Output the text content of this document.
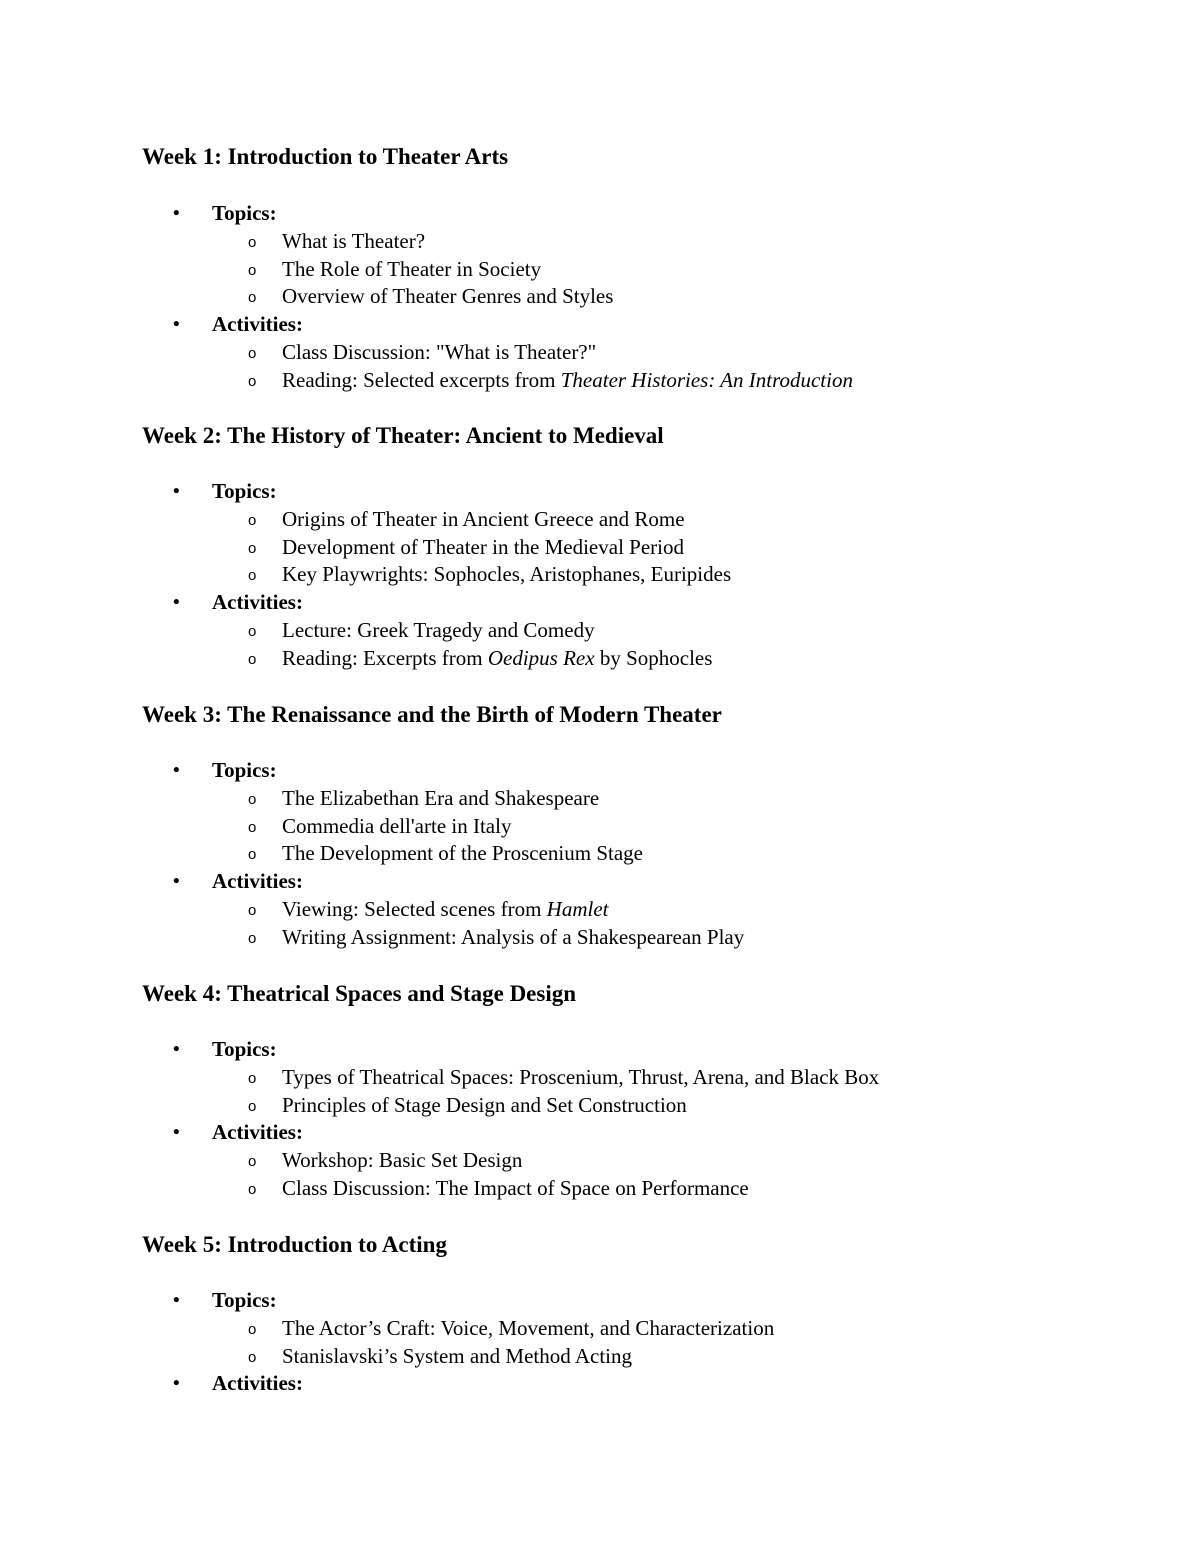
Week 1: Introduction to Theater Arts
• Topics:
o What is Theater?
o The Role of Theater in Society
o Overview of Theater Genres and Styles
• Activities:
o Class Discussion: "What is Theater?"
o Reading: Selected excerpts from Theater Histories: An Introduction
Week 2: The History of Theater: Ancient to Medieval
• Topics:
o Origins of Theater in Ancient Greece and Rome
o Development of Theater in the Medieval Period
o Key Playwrights: Sophocles, Aristophanes, Euripides
• Activities:
o Lecture: Greek Tragedy and Comedy
o Reading: Excerpts from Oedipus Rex by Sophocles
Week 3: The Renaissance and the Birth of Modern Theater
• Topics:
o The Elizabethan Era and Shakespeare
o Commedia dell'arte in Italy
o The Development of the Proscenium Stage
• Activities:
o Viewing: Selected scenes from Hamlet
o Writing Assignment: Analysis of a Shakespearean Play
Week 4: Theatrical Spaces and Stage Design
• Topics:
o Types of Theatrical Spaces: Proscenium, Thrust, Arena, and Black Box
o Principles of Stage Design and Set Construction
• Activities:
o Workshop: Basic Set Design
o Class Discussion: The Impact of Space on Performance
Week 5: Introduction to Acting
• Topics:
o The Actor’s Craft: Voice, Movement, and Characterization
o Stanislavski’s System and Method Acting
• Activities:
